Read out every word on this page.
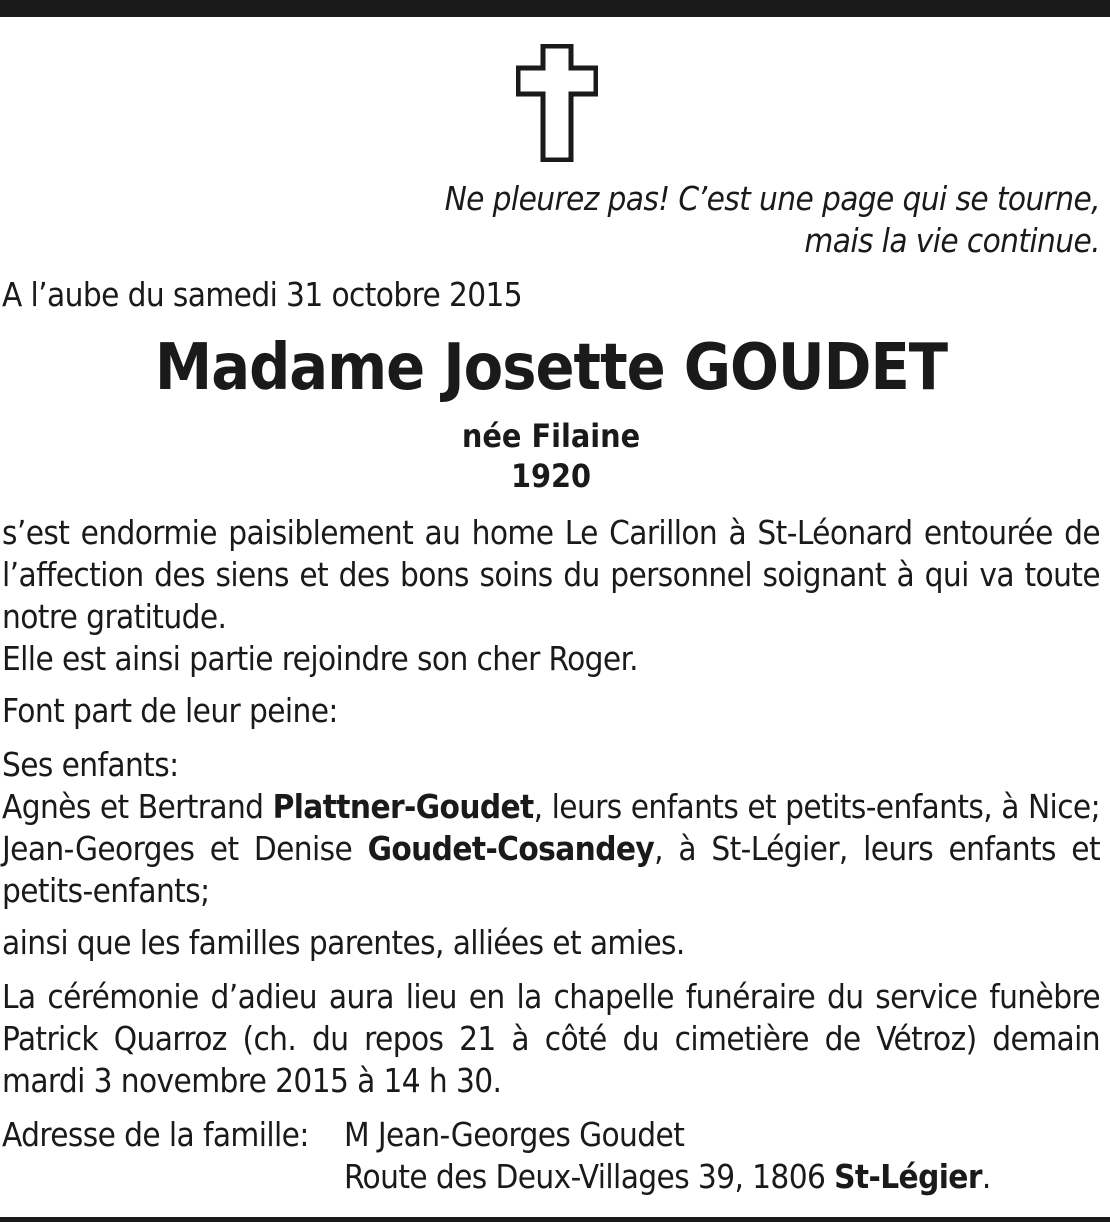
Ne pleurez pas! C’est une page qui se tourne,
mais la vie continue.
A l’aube du samedi 31 octobre 2015
Madame Josette GOUDET
née Filaine
1920
s’est endormie paisiblement au home Le Carillon à St-Léonard entourée de
l’affection des siens et des bons soins du personnel soignant à qui va toute
notre gratitude.
Elle est ainsi partie rejoindre son cher Roger.
Font part de leur peine:
Ses enfants:
Agnès et Bertrand Plattner-Goudet, leurs enfants et petits-enfants, à Nice;
Jean-Georges et Denise Goudet-Cosandey, à St-Légier, leurs enfants et
petits-enfants;
ainsi que les familles parentes, alliées et amies.
La cérémonie d’adieu aura lieu en la chapelle funéraire du service funèbre
Patrick Quarroz (ch. du repos 21 à côté du cimetière de Vétroz) demain
mardi 3 novembre 2015 à 14 h 30.
Adresse de la famille: M Jean-Georges Goudet
Route des Deux-Villages 39, 1806 St-Légier.
